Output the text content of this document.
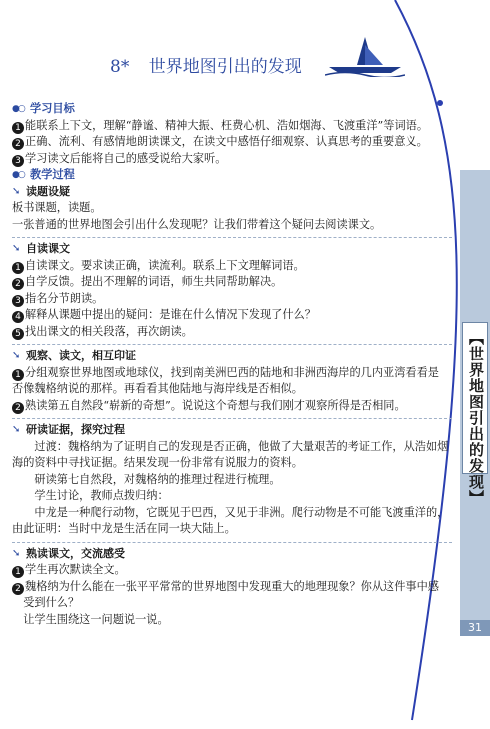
【世界地图引出的发现】
31
8* 世界地图引出的发现
●○ 学习目标
1 能联系上下文，理解“静谧、精神大振、枉费心机、浩如烟海、飞渡重洋”等词语。
2 正确、流利、有感情地朗读课文，在读文中感悟仔细观察、认真思考的重要意义。
3 学习读文后能将自己的感受说给大家听。
●○ 教学过程
➘ 读题设疑
板书课题，读题。
一张普通的世界地图会引出什么发现呢？让我们带着这个疑问去阅读课文。
➘ 自读课文
1 自读课文。要求读正确，读流利。联系上下文理解词语。
2 自学反馈。提出不理解的词语，师生共同帮助解决。
3 指名分节朗读。
4 解释从课题中提出的疑问：是谁在什么情况下发现了什么？
5 找出课文的相关段落，再次朗读。
➘ 观察、读文，相互印证
1 分组观察世界地图或地球仪，找到南美洲巴西的陆地和非洲西海岸的几内亚湾看看是
否像魏格纳说的那样。再看看其他陆地与海岸线是否相似。
2 熟读第五自然段“崭新的奇想”。说说这个奇想与我们刚才观察所得是否相同。
➘ 研读证据，探究过程
过渡：魏格纳为了证明自己的发现是否正确，他做了大量艰苦的考证工作，从浩如烟
海的资料中寻找证据。结果发现一份非常有说服力的资料。
研读第七自然段，对魏格纳的推理过程进行梳理。
学生讨论，教师点拨归纳：
中龙是一种爬行动物，它既见于巴西，又见于非洲。爬行动物是不可能飞渡重洋的，
由此证明：当时中龙是生活在同一块大陆上。
➘ 熟读课文，交流感受
1 学生再次默读全文。
2 魏格纳为什么能在一张平平常常的世界地图中发现重大的地理现象？你从这件事中感
受到什么？
让学生围绕这一问题说一说。
